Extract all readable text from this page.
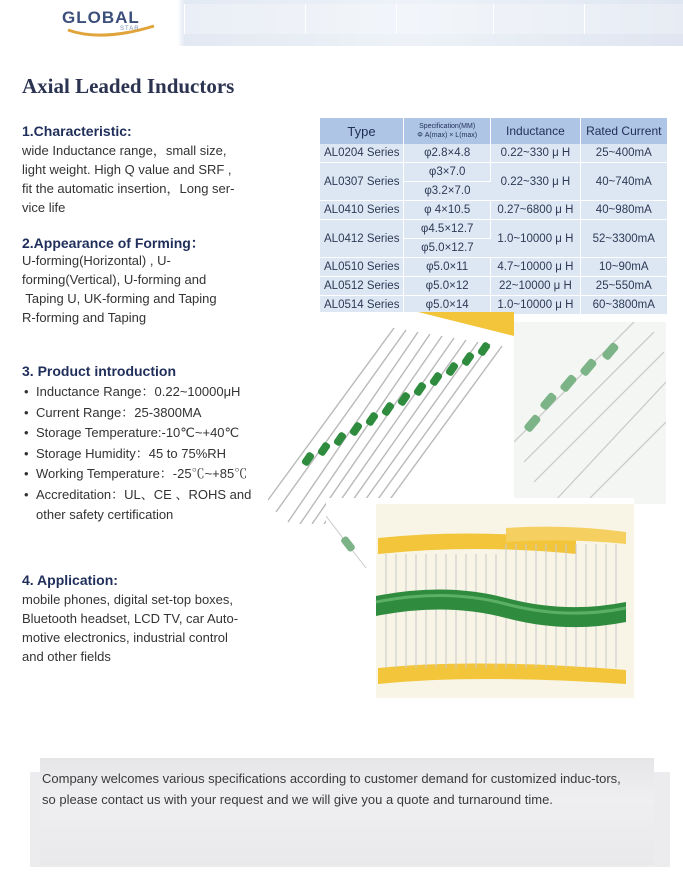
GLOBAL
STAR
Axial Leaded Inductors
1.Characteristic:

wide Inductance range，small size,

light weight. High Q value and SRF ,

fit the automatic insertion，Long ser-

vice life

2.Appearance of Forming：

U-forming(Horizontal) , U-

forming(Vertical), U-forming and

Taping U, UK-forming and Taping

R-forming and Taping

3. Product introduction
• Inductance Range：0.22~10000μH
• Current Range：25-3800MA
• Storage Temperature:-10℃~+40℃
• Storage Humidity：45 to 75%RH
• Working Temperature：-25℃~+85℃
• Accreditation：UL、CE 、ROHS and
other safety certification
4. Application:

mobile phones, digital set-top boxes,

Bluetooth headset, LCD TV, car Auto-

motive electronics, industrial control

and other fields

Type	Specification(MM)
Φ A(max) × L(max)	Inductance	Rated Current
AL0204 Series	φ2.8×4.8	0.22~330 μ H	25~400mA
AL0307 Series	φ3×7.0	0.22~330 μ H	40~740mA
	φ3.2×7.0		
AL0410 Series	φ 4×10.5	0.27~6800 μ H	40~980mA
AL0412 Series	φ4.5×12.7	1.0~10000 μ H	52~3300mA
	φ5.0×12.7		
AL0510 Series	φ5.0×11	4.7~10000 μ H	10~90mA
AL0512 Series	φ5.0×12	22~10000 μ H	25~550mA
AL0514 Series	φ5.0×14	1.0~10000 μ H	60~3800mA
Company welcomes various specifications according to customer demand for customized induc-tors, so please contact us with your request and we will give you a quote and turnaround time.
